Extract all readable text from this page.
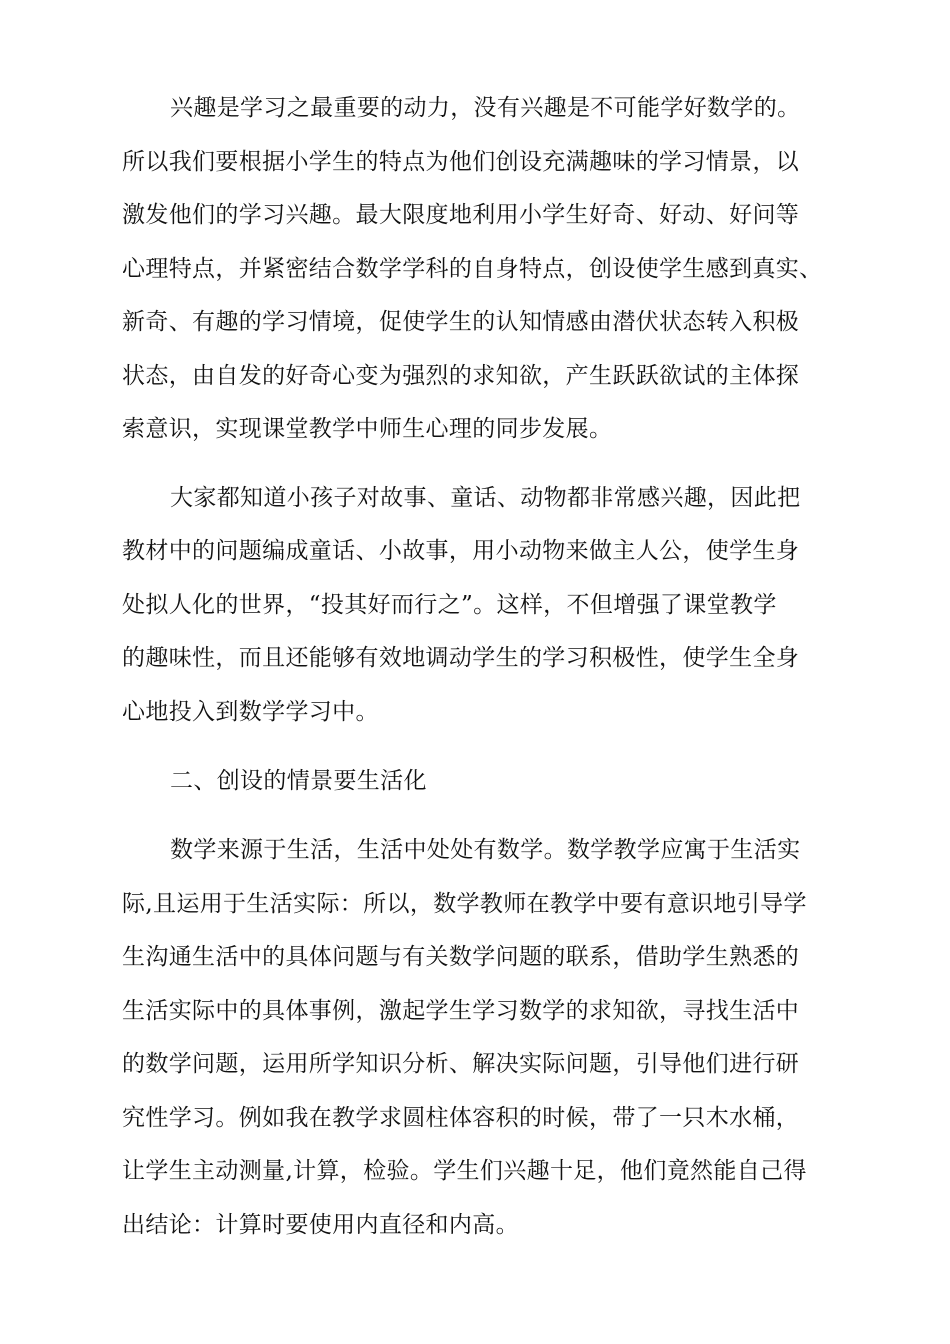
兴趣是学习之最重要的动力，没有兴趣是不可能学好数学的。
所以我们要根据小学生的特点为他们创设充满趣味的学习情景，以
激发他们的学习兴趣。最大限度地利用小学生好奇、好动、好问等
心理特点，并紧密结合数学学科的自身特点，创设使学生感到真实、
新奇、有趣的学习情境，促使学生的认知情感由潜伏状态转入积极
状态，由自发的好奇心变为强烈的求知欲，产生跃跃欲试的主体探
索意识，实现课堂教学中师生心理的同步发展。
大家都知道小孩子对故事、童话、动物都非常感兴趣，因此把
教材中的问题编成童话、小故事，用小动物来做主人公，使学生身
处拟人化的世界，“投其好而行之”。这样，不但增强了课堂教学
的趣味性，而且还能够有效地调动学生的学习积极性，使学生全身
心地投入到数学学习中。
二、创设的情景要生活化
数学来源于生活，生活中处处有数学。数学教学应寓于生活实
际,且运用于生活实际：所以，数学教师在教学中要有意识地引导学
生沟通生活中的具体问题与有关数学问题的联系，借助学生熟悉的
生活实际中的具体事例，激起学生学习数学的求知欲，寻找生活中
的数学问题，运用所学知识分析、解决实际问题，引导他们进行研
究性学习。例如我在教学求圆柱体容积的时候，带了一只木水桶，
让学生主动测量,计算，检验。学生们兴趣十足，他们竟然能自己得
出结论：计算时要使用内直径和内高。
